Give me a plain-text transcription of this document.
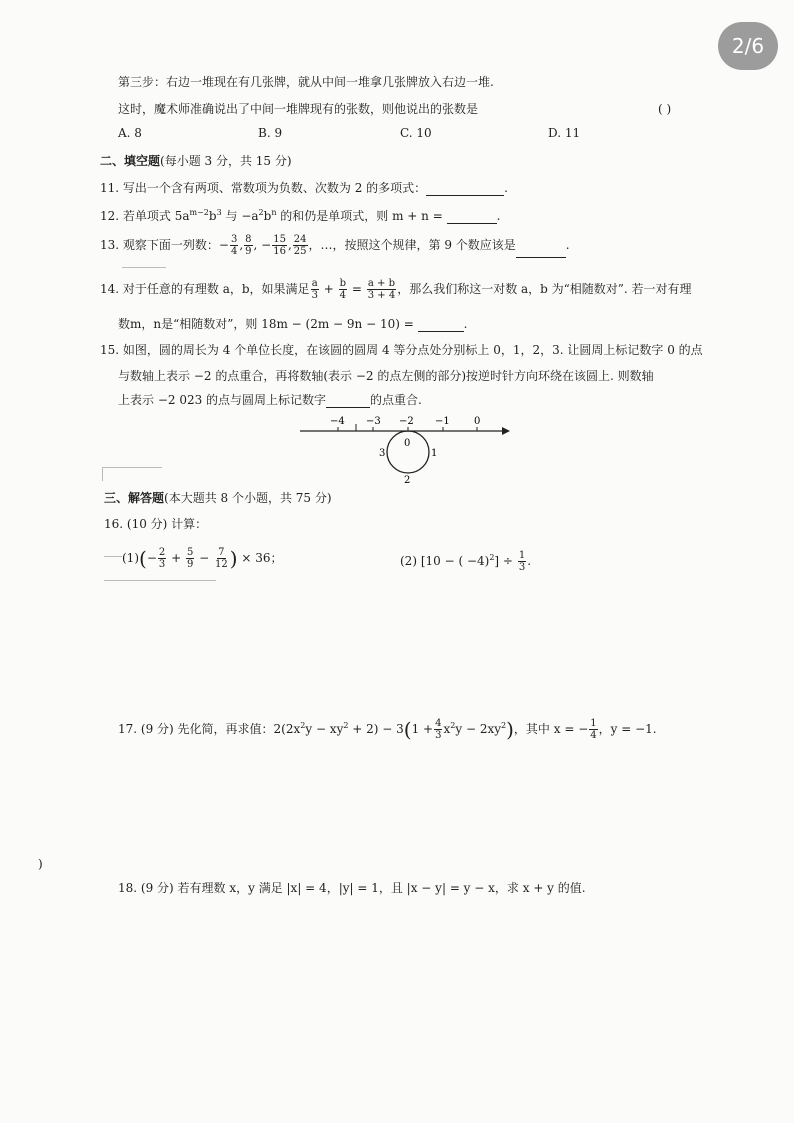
2/6
第三步：右边一堆现在有几张牌，就从中间一堆拿几张牌放入右边一堆.
这时，魔术师准确说出了中间一堆牌现有的张数，则他说出的张数是	( )
A. 8	B. 9	C. 10	D. 11
二、填空题(每小题 3 分，共 15 分)
11. 写出一个含有两项、常数项为负数、次数为 2 的多项式：	.
12. 若单项式 $5a^{m-2}b^3$ 与 $-a^2b^n$ 的和仍是单项式，则 m + n =	.
13. 观察下面一列数：− $\frac{3}{4}$ , $\frac{8}{9}$ , − $\frac{15}{16}$ , $\frac{24}{25}$ ，…，按照这个规律，第 9 个数应该是	.
14. 对于任意的有理数 a，b，如果满足 $\frac{a}{3} + \frac{b}{4} = \frac{a + b}{3 + 4}$ ，那么我们称这一对数 a，b 为“相随数对”. 若一对有理
数m，n是“相随数对”，则 18m − (2m − 9n − 10) =	.
15. 如图，圆的周长为 4 个单位长度，在该圆的圆周 4 等分点处分别标上 0，1，2，3. 让圆周上标记数字 0 的点
与数轴上表示 −2 的点重合，再将数轴(表示 −2 的点左侧的部分)按逆时针方向环绕在该圆上. 则数轴
上表示 −2 023 的点与圆周上标记数字	的点重合.
−4 −3 −2 −1 0
0
1
2
3
三、解答题(本大题共 8 个小题，共 75 分)
16. (10 分) 计算：
$(1)(- \frac{2}{3} + \frac{5}{9} - \frac{7}{12}$ ) × 36；	(2) [10 − ( $-4)^2] \div \frac{1}{3}$ .
17. (9 分) 先化简，再求值：$2(2x^2y - xy^2 + 2) - 3(1 + \frac{4}{3} x^2y - 2xy^2)$，其中 x = − $\frac{1}{4}$ ，y = −1.
)
18. (9 分) 若有理数 x，y 满足 |x| = 4，|y| = 1，且 |x − y| = y − x，求 x + y 的值.
